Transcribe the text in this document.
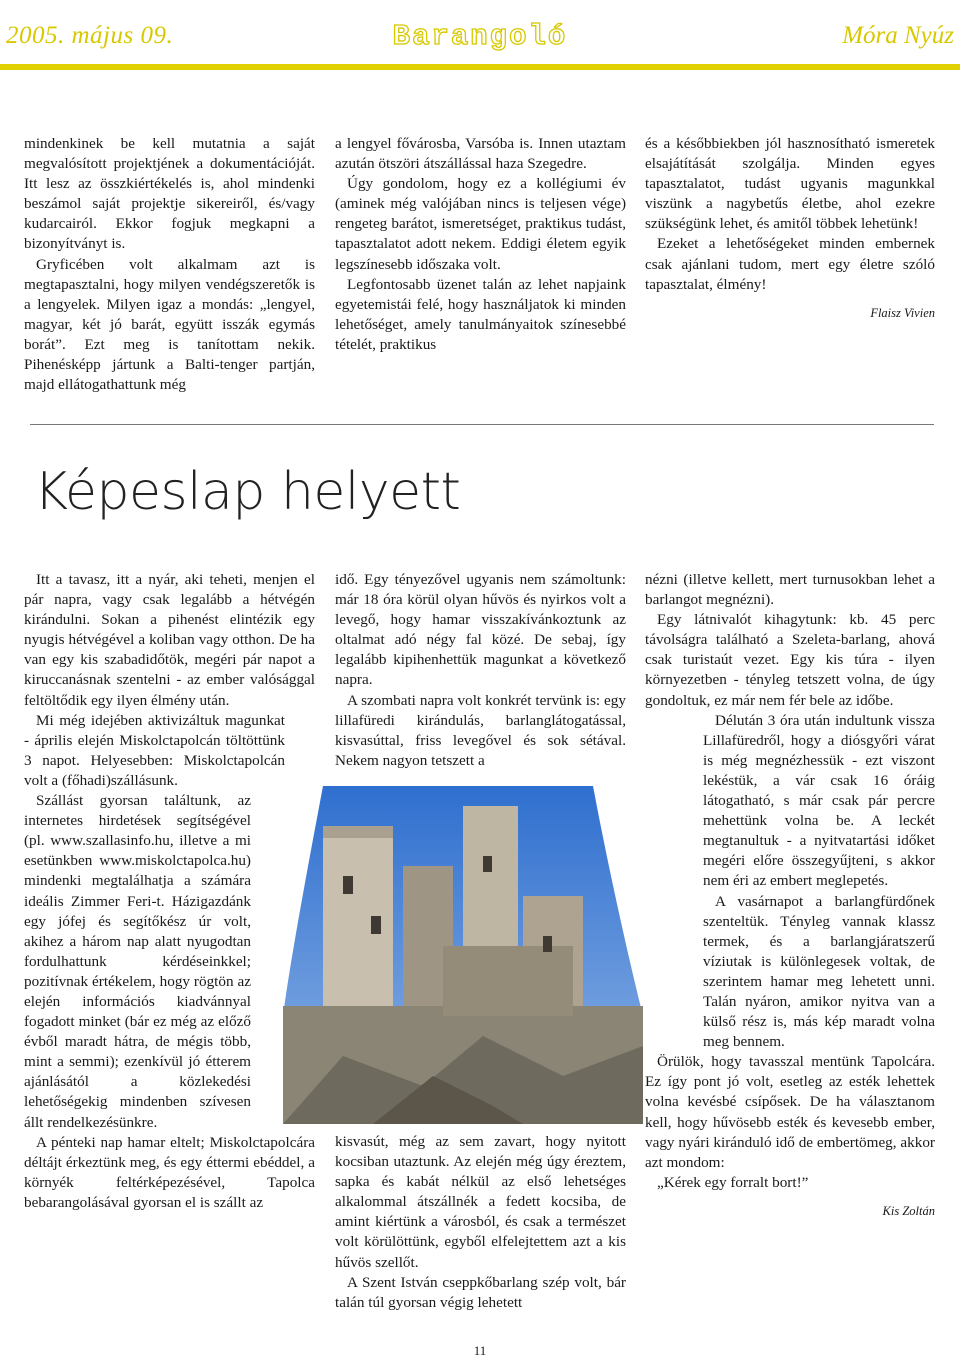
2005. május 09.	Barangoló	Móra Nyúz

mindenkinek be kell mutatnia a saját megvalósított projektjének a dokumentációját. Itt lesz az összkiértékelés is, ahol mindenki beszámol saját projektje sikereiről, és/vagy kudarcairól. Ekkor fogjuk megkapni a bizonyítványt is.

Gryficében volt alkalmam azt is megtapasztalni, hogy milyen vendégszeretők is a lengyelek. Milyen igaz a mondás: „lengyel, magyar, két jó barát, együtt isszák egymás borát”. Ezt meg is tanítottam nekik. Pihenésképp jártunk a Balti-tenger partján, majd ellátogathattunk még

a lengyel fővárosba, Varsóba is. Innen utaztam azután ötszöri átszállással haza Szegedre.

Úgy gondolom, hogy ez a kollégiumi év (aminek még valójában nincs is teljesen vége) rengeteg barátot, ismeretséget, praktikus tudást, tapasztalatot adott nekem. Eddigi életem egyik legszínesebb időszaka volt.

Legfontosabb üzenet talán az lehet napjaink egyetemistái felé, hogy használjatok ki minden lehetőséget, amely tanulmányaitok színesebbé tételét, praktikus

és a későbbiekben jól hasznosítható ismeretek elsajátítását szolgálja. Minden egyes tapasztalatot, tudást ugyanis magunkkal viszünk a nagybetűs életbe, ahol ezekre szükségünk lehet, és amitől többek lehetünk!

Ezeket a lehetőségeket minden embernek csak ajánlani tudom, mert egy életre szóló tapasztalat, élmény!

Flaisz Vivien
Képeslap helyett

Itt a tavasz, itt a nyár, aki teheti, menjen el pár napra, vagy csak legalább a hétvégén kirándulni. Sokan a pihenést elintézik egy nyugis hétvégével a koliban vagy otthon. De ha van egy kis szabadidőtök, megéri pár napot a kiruccanásnak szentelni - az ember valósággal feltöltődik egy ilyen élmény után.

Mi még idejében aktivizáltuk magunkat - április elején Miskolctapolcán töltöttünk 3 napot. Helyesebben: Miskolctapolcán volt a (főhadi)szállásunk.

Szállást gyorsan találtunk, az internetes hirdetések segítségével (pl. www.szallasinfo.hu, illetve a mi esetünkben www.miskolctapolca.hu) mindenki megtalálhatja a számára ideális Zimmer Feri-t. Házigazdánk egy jófej és segítőkész úr volt, akihez a három nap alatt nyugodtan fordulhattunk kérdéseinkkel; pozitívnak értékelem, hogy rögtön az elején információs kiadvánnyal fogadott minket (bár ez még az előző évből maradt hátra, de mégis több, mint a semmi); ezenkívül jó étterem ajánlásától a közlekedési lehetőségekig mindenben szívesen állt rendelkezésünkre.

A pénteki nap hamar eltelt; Miskolctapolcára déltájt érkeztünk meg, és egy éttermi ebéddel, a környék feltérképezésével, Tapolca bebarangolásával gyorsan el is szállt az

idő. Egy tényezővel ugyanis nem számoltunk: már 18 óra körül olyan hűvös és nyirkos volt a levegő, hogy hamar visszakívánkoztunk az oltalmat adó négy fal közé. De sebaj, így legalább kipihenhettük magunkat a következő napra.

A szombati napra volt konkrét tervünk is: egy lillafüredi kirándulás, barlanglátogatással, kisvasúttal, friss levegővel és sok sétával. Nekem nagyon tetszett a

kisvasút, még az sem zavart, hogy nyitott kocsiban utaztunk. Az elején még úgy éreztem, sapka és kabát nélkül az első lehetséges alkalommal átszállnék a fedett kocsiba, de amint kiértünk a városból, és csak a természet volt körülöttünk, egyből elfelejtettem azt a kis hűvös szellőt.

A Szent István cseppkőbarlang szép volt, bár talán túl gyorsan végig lehetett

nézni (illetve kellett, mert turnusokban lehet a barlangot megnézni).

Egy látnivalót kihagytunk: kb. 45 perc távolságra található a Szeleta-barlang, ahová csak turistaút vezet. Egy kis túra - ilyen környezetben - tényleg tetszett volna, de úgy gondoltuk, ez már nem fér bele az időbe.

Délután 3 óra után indultunk vissza Lillafüredről, hogy a diósgyőri várat is még megnézhessük - ezt viszont lekéstük, a vár csak 16 óráig látogatható, s már csak pár percre mehettünk volna be. A leckét megtanultuk - a nyitvatartási időket megéri előre összegyűjteni, s akkor nem éri az embert meglepetés.

A vasárnapot a barlangfürdőnek szenteltük. Tényleg vannak klassz termek, és a barlangjáratszerű víziutak is különlegesek voltak, de szerintem hamar meg lehetett unni. Talán nyáron, amikor nyitva van a külső rész is, más kép maradt volna meg bennem.

Örülök, hogy tavasszal mentünk Tapolcára. Ez így pont jó volt, esetleg az esték lehettek volna kevésbé csípősek. De ha választanom kell, hogy hűvösebb esték és kevesebb ember, vagy nyári kiránduló idő de embertömeg, akkor azt mondom:

„Kérek egy forralt bort!”

Kis Zoltán
11
